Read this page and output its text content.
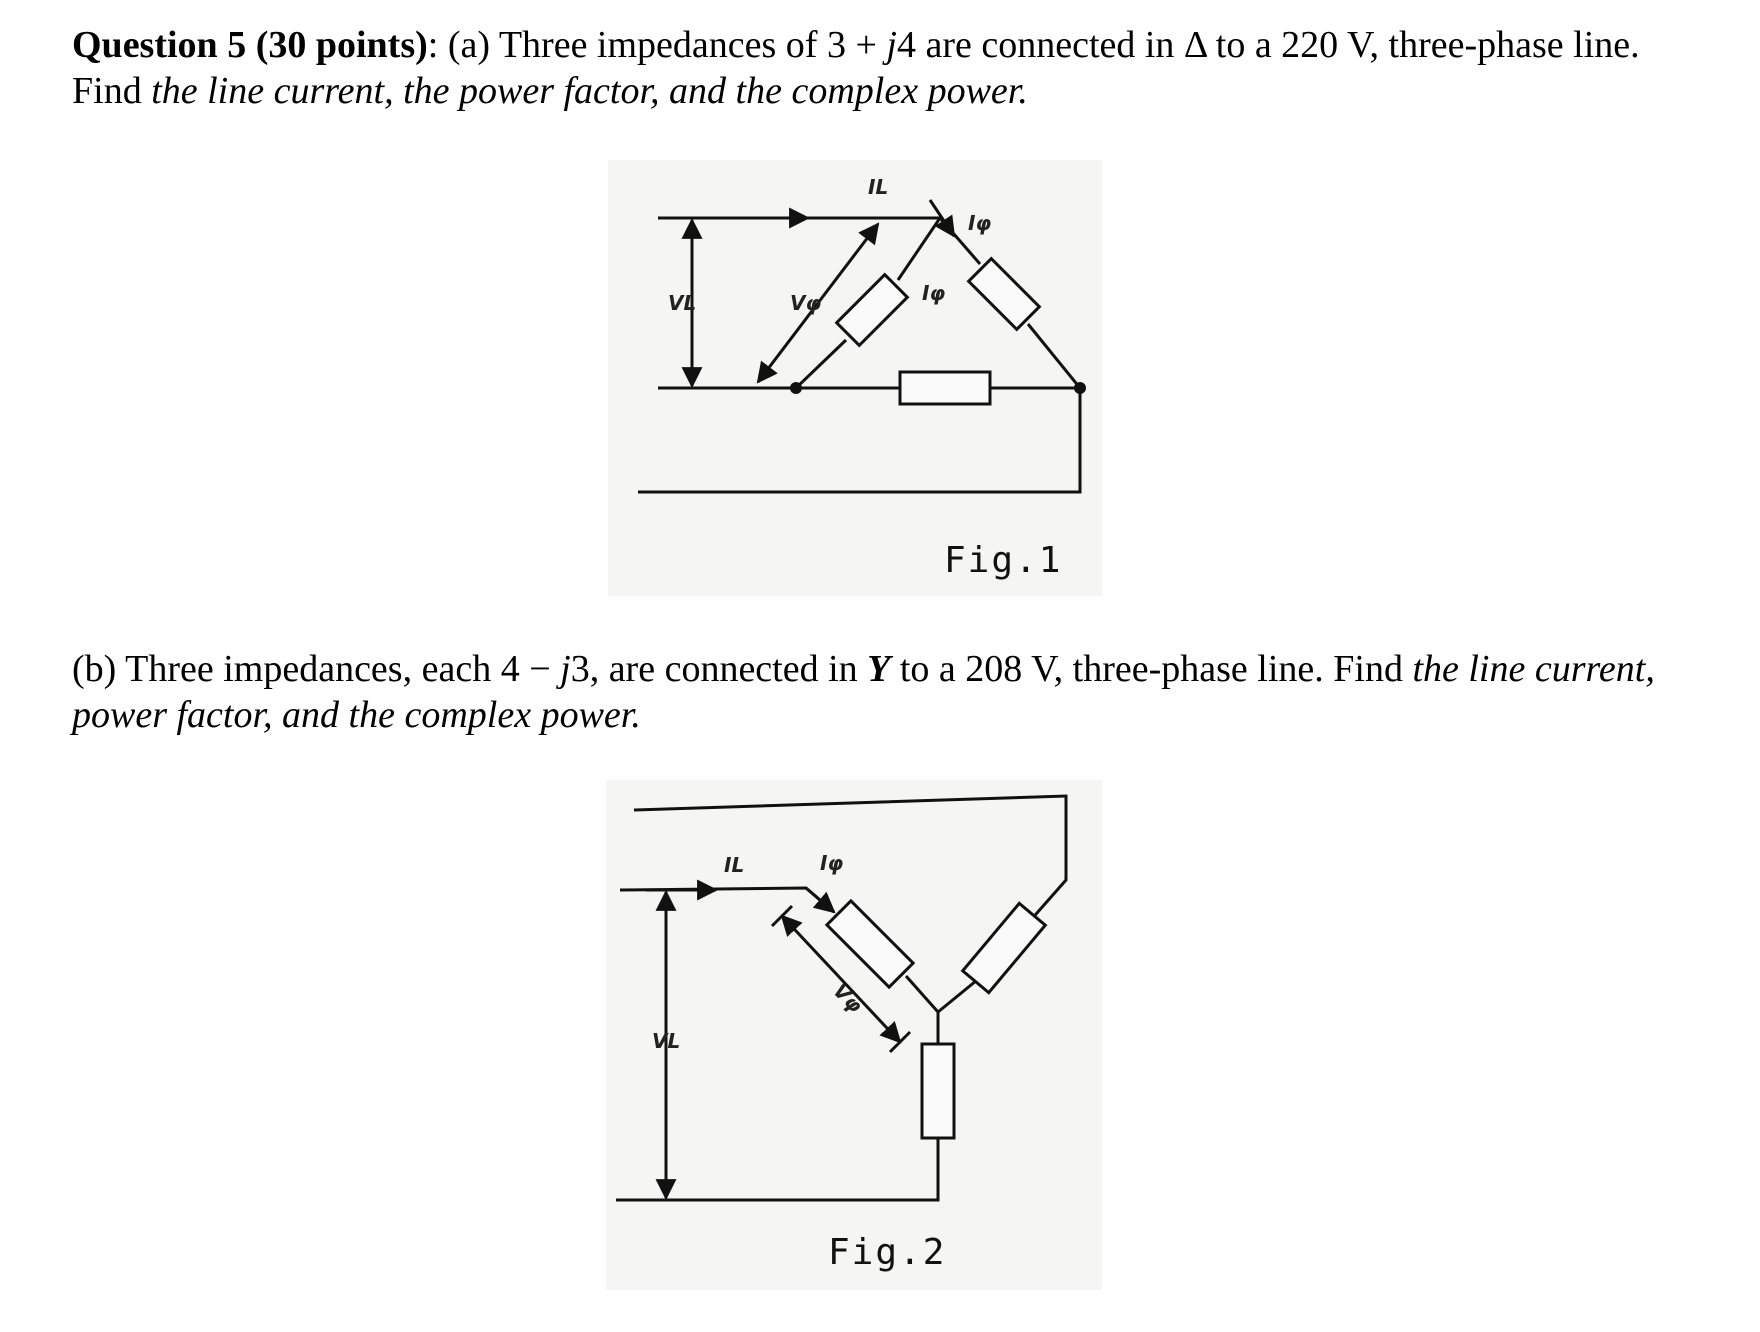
Question 5 (30 points): (a) Three impedances of 3 + j4 are connected in Δ to a 220 V, three-phase line. Find the line current, the power factor, and the complex power.

IL
Iφ
Iφ
VL	Vφ
Fig.1

(b) Three impedances, each 4 − j3, are connected in Y to a 208 V, three-phase line. Find the line current, power factor, and the complex power.

IL	Iφ
VL
Vφ
Fig.2
